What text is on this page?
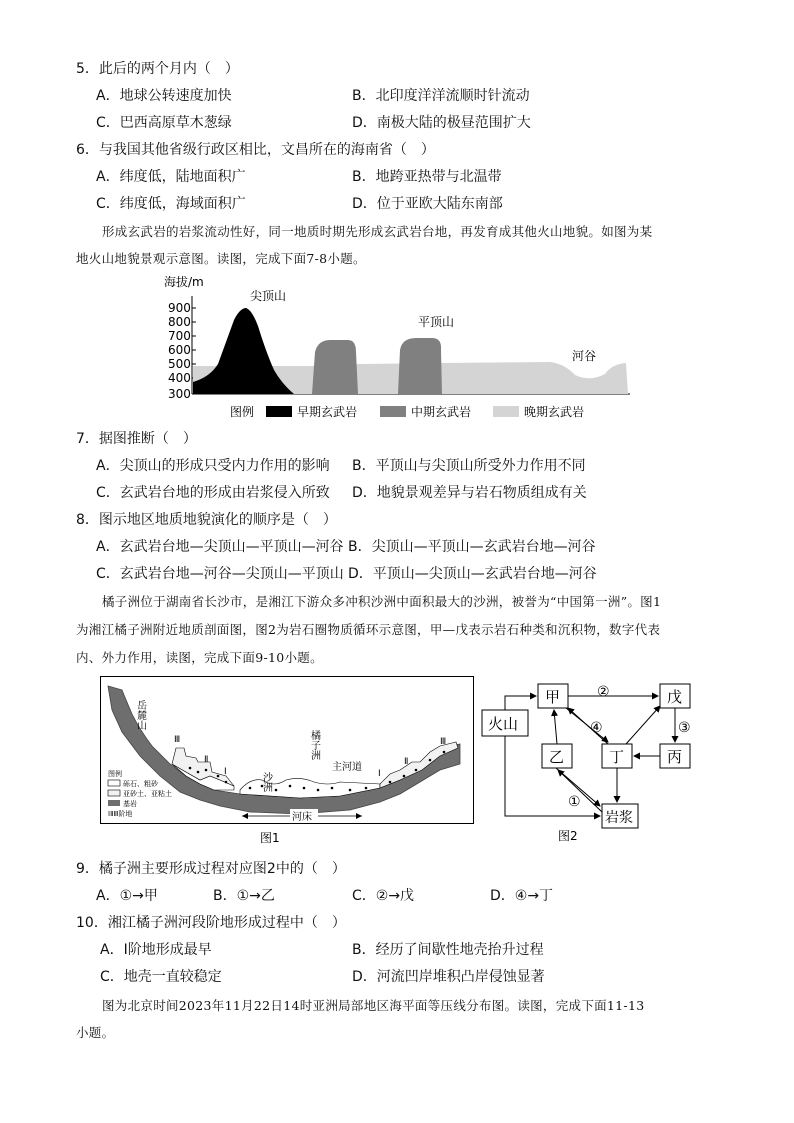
5．此后的两个月内（　）
A．地球公转速度加快	B．北印度洋洋流顺时针流动
C．巴西高原草木葱绿	D．南极大陆的极昼范围扩大
6．与我国其他省级行政区相比，文昌所在的海南省（　）
A．纬度低，陆地面积广	B．地跨亚热带与北温带
C．纬度低，海域面积广	D．位于亚欧大陆东南部
形成玄武岩的岩浆流动性好，同一地质时期先形成玄武岩台地，再发育成其他火山地貌。如图为某
地火山地貌景观示意图。读图，完成下面7-8小题。
海拔/m
900
800
700
600
500
400
300
尖顶山
平顶山
河谷
图例	早期玄武岩	中期玄武岩	晚期玄武岩
7．据图推断（　）
A．尖顶山的形成只受内力作用的影响 B．平顶山与尖顶山所受外力作用不同
C．玄武岩台地的形成由岩浆侵入所致 D．地貌景观差异与岩石物质组成有关
8．图示地区地质地貌演化的顺序是（　）
A．玄武岩台地—尖顶山—平顶山—河谷 B．尖顶山—平顶山—玄武岩台地—河谷
C．玄武岩台地—河谷—尖顶山—平顶山 D．平顶山—尖顶山—玄武岩台地—河谷
橘子洲位于湖南省长沙市，是湘江下游众多冲积沙洲中面积最大的沙洲，被誉为“中国第一洲”。图1
为湘江橘子洲附近地质剖面图，图2为岩石圈物质循环示意图，甲—戊表示岩石种类和沉积物，数字代表
内、外力作用，读图，完成下面9-10小题。
岳麓山
Ⅲ
Ⅱ
Ⅰ	Ⅰ
Ⅱ
Ⅲ
沙洲
橘子洲
主河道
河床
图例
砾石、粗砂
亚砂土、亚粘土
基岩
ⅠⅡⅢ阶地
图1
火山
甲	戊
乙	丁	丙
岩浆
②
③
④
①
图2
9．橘子洲主要形成过程对应图2中的（　）
A．①→甲	B．①→乙	C．②→戊	D．④→丁
10．湘江橘子洲河段阶地形成过程中（　）
A．Ⅰ阶地形成最早	B．经历了间歇性地壳抬升过程
C．地壳一直较稳定	D．河流凹岸堆积凸岸侵蚀显著
图为北京时间2023年11月22日14时亚洲局部地区海平面等压线分布图。读图，完成下面11-13
小题。
